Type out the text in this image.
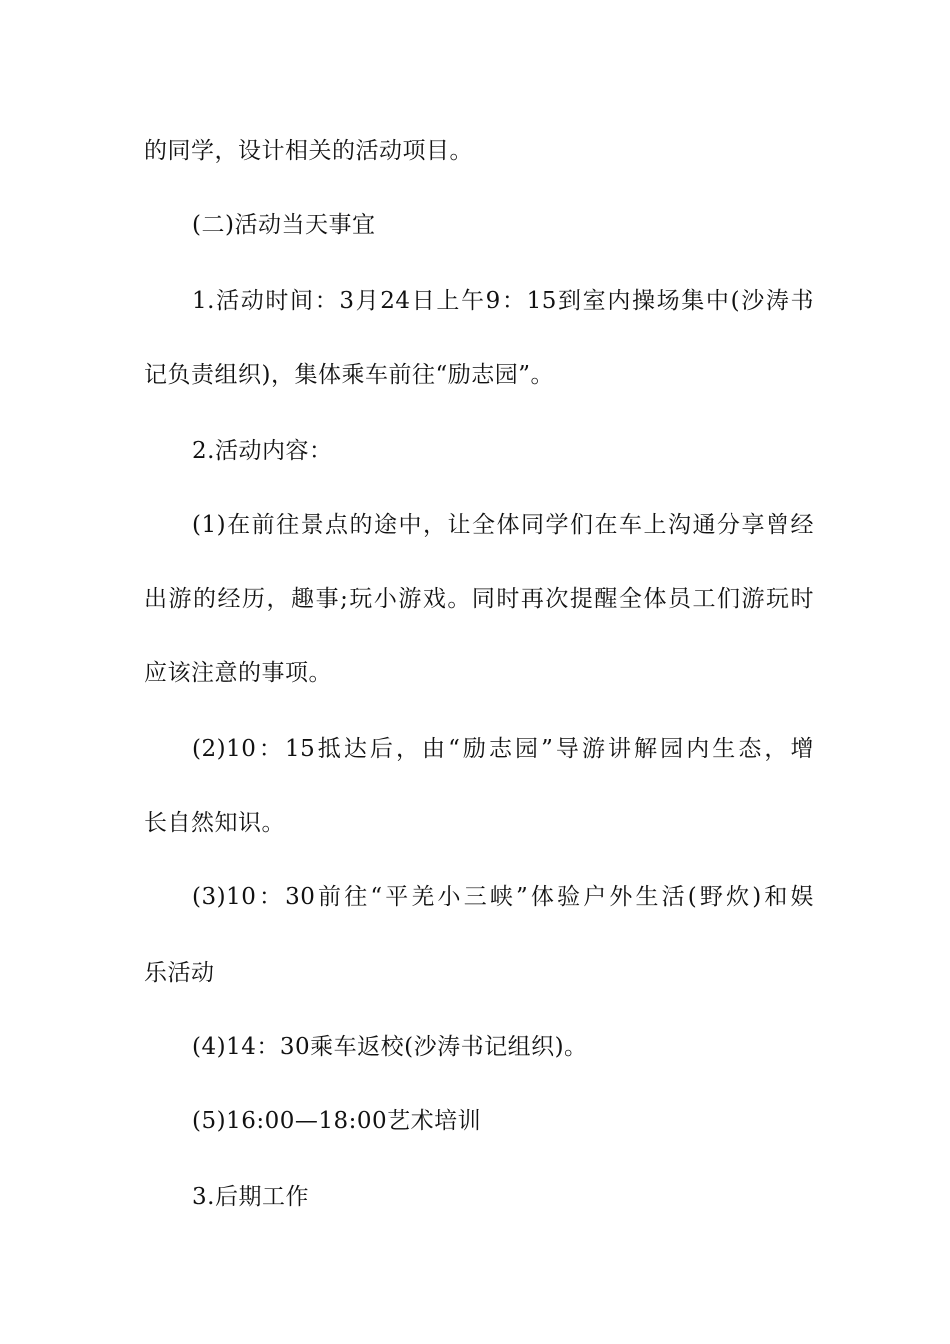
的同学，设计相关的活动项目。
(二)活动当天事宜
1.活动时间：3月24日上午9：15到室内操场集中(沙涛书
记负责组织)，集体乘车前往“励志园”。
2.活动内容：
(1)在前往景点的途中，让全体同学们在车上沟通分享曾经
出游的经历，趣事;玩小游戏。同时再次提醒全体员工们游玩时
应该注意的事项。
(2)10：15抵达后，由“励志园”导游讲解园内生态，增
长自然知识。
(3)10：30前往“平羌小三峡”体验户外生活(野炊)和娱
乐活动
(4)14：30乘车返校(沙涛书记组织)。
(5)16:00—18:00艺术培训
3.后期工作
